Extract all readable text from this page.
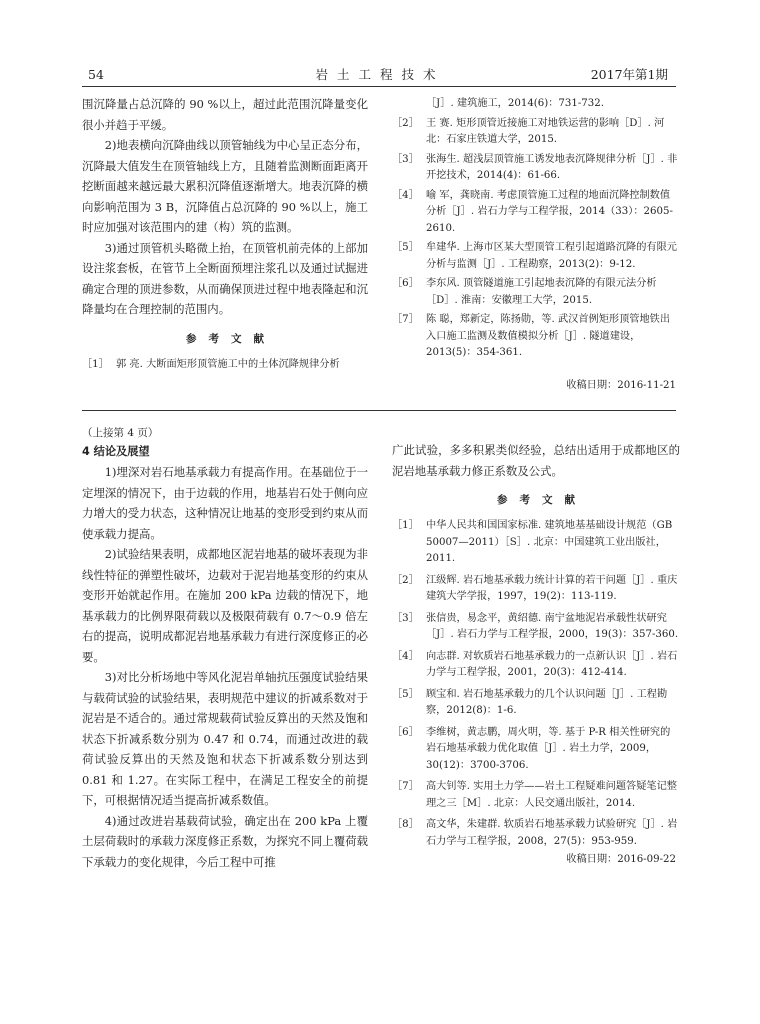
54	岩土工程技术	2017年第1期

围沉降量占总沉降的 90 %以上，超过此范围沉降量变化很小并趋于平缓。

2)地表横向沉降曲线以顶管轴线为中心呈正态分布，沉降最大值发生在顶管轴线上方，且随着监测断面距离开挖断面越来越远最大累积沉降值逐渐增大。地表沉降的横向影响范围为 3 B，沉降值占总沉降的 90 %以上，施工时应加强对该范围内的建（构）筑的监测。

3)通过顶管机头略微上抬，在顶管机前壳体的上部加设注浆套板，在管节上全断面预埋注浆孔以及通过试掘进确定合理的顶进参数，从而确保顶进过程中地表隆起和沉降量均在合理控制的范围内。

参考文献
［1］ 郭 亮. 大断面矩形顶管施工中的土体沉降规律分析
［J］. 建筑施工，2014(6)：731-732.
［2］ 王 赛. 矩形顶管近接施工对地铁运营的影响［D］. 河北：石家庄铁道大学，2015.
［3］ 张海生. 超浅层顶管施工诱发地表沉降规律分析［J］. 非开挖技术，2014(4)：61-66.
［4］ 喻 军，龚晓南. 考虑顶管施工过程的地面沉降控制数值分析［J］. 岩石力学与工程学报，2014（33）：2605-2610.
［5］ 牟建华. 上海市区某大型顶管工程引起道路沉降的有限元分析与监测［J］. 工程勘察，2013(2)：9-12.
［6］ 李东风. 顶管隧道施工引起地表沉降的有限元法分析［D］. 淮南：安徽理工大学，2015.
［7］ 陈 聪，郑新定，陈扬勋，等. 武汉首例矩形顶管地铁出入口施工监测及数值模拟分析［J］. 隧道建设，2013(5)：354-361.
收稿日期：2016-11-21
（上接第 4 页）
4 结论及展望

1)埋深对岩石地基承载力有提高作用。在基础位于一定埋深的情况下，由于边载的作用，地基岩石处于侧向应力增大的受力状态，这种情况让地基的变形受到约束从而使承载力提高。

2)试验结果表明，成都地区泥岩地基的破坏表现为非线性特征的弹塑性破坏，边载对于泥岩地基变形的约束从变形开始就起作用。在施加 200 kPa 边载的情况下，地基承载力的比例界限荷载以及极限荷载有 0.7～0.9 倍左右的提高，说明成都泥岩地基承载力有进行深度修正的必要。

3)对比分析场地中等风化泥岩单轴抗压强度试验结果与载荷试验的试验结果，表明规范中建议的折减系数对于泥岩是不适合的。通过常规载荷试验反算出的天然及饱和状态下折减系数分别为 0.47 和 0.74，而通过改进的载荷试验反算出的天然及饱和状态下折减系数分别达到 0.81 和 1.27。在实际工程中，在满足工程安全的前提下，可根据情况适当提高折减系数值。

4)通过改进岩基载荷试验，确定出在 200 kPa 上覆土层荷载时的承载力深度修正系数，为探究不同上覆荷载下承载力的变化规律，今后工程中可推

广此试验，多多积累类似经验，总结出适用于成都地区的泥岩地基承载力修正系数及公式。

参考文献
［1］ 中华人民共和国国家标准. 建筑地基基础设计规范（GB 50007—2011）［S］. 北京：中国建筑工业出版社，2011.
［2］ 江级辉. 岩石地基承载力统计计算的若干问题［J］. 重庆建筑大学学报，1997，19(2)：113-119.
［3］ 张信贵，易念平，黄绍德. 南宁盆地泥岩承载性状研究［J］. 岩石力学与工程学报，2000，19(3)：357-360.
［4］ 向志群. 对软质岩石地基承载力的一点新认识［J］. 岩石力学与工程学报，2001，20(3)：412-414.
［5］ 顾宝和. 岩石地基承载力的几个认识问题［J］. 工程勘察，2012(8)：1-6.
［6］ 李维树，黄志鹏，周火明，等. 基于 P-R 相关性研究的岩石地基承载力优化取值［J］. 岩土力学，2009，30(12)：3700-3706.
［7］ 高大钊等. 实用土力学——岩土工程疑难问题答疑笔记整理之三［M］. 北京：人民交通出版社，2014.
［8］ 高文华，朱建群. 软质岩石地基承载力试验研究［J］. 岩石力学与工程学报，2008，27(5)：953-959.
收稿日期：2016-09-22
